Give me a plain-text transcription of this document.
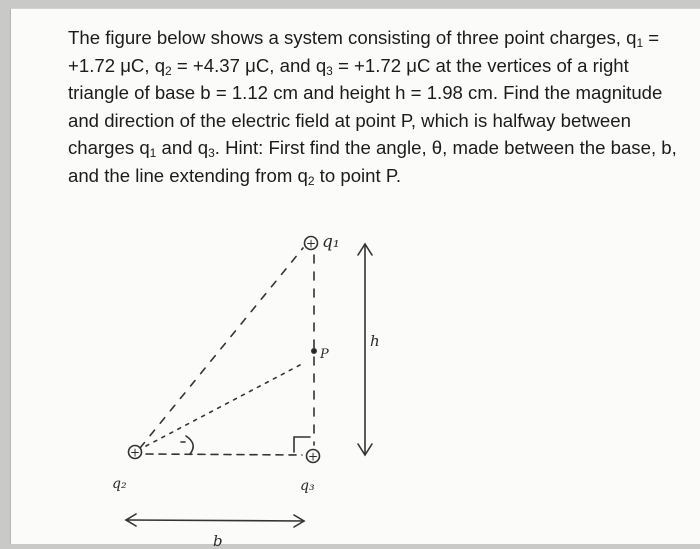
The figure below shows a system consisting of three point charges, $q_1 = +1.72$ μC, $q_2 = +4.37$ μC, and $q_3 = +1.72$ μC at the vertices of a right triangle of base b = 1.12 cm and height h = 1.98 cm. Find the magnitude and direction of the electric field at point P, which is halfway between charges $q_1$ and $q_3$. Hint: First find the angle, θ, made between the base, b, and the line extending from $q_2$ to point P.
+
+	+
q₁
q₂	q₃
P
h
b
